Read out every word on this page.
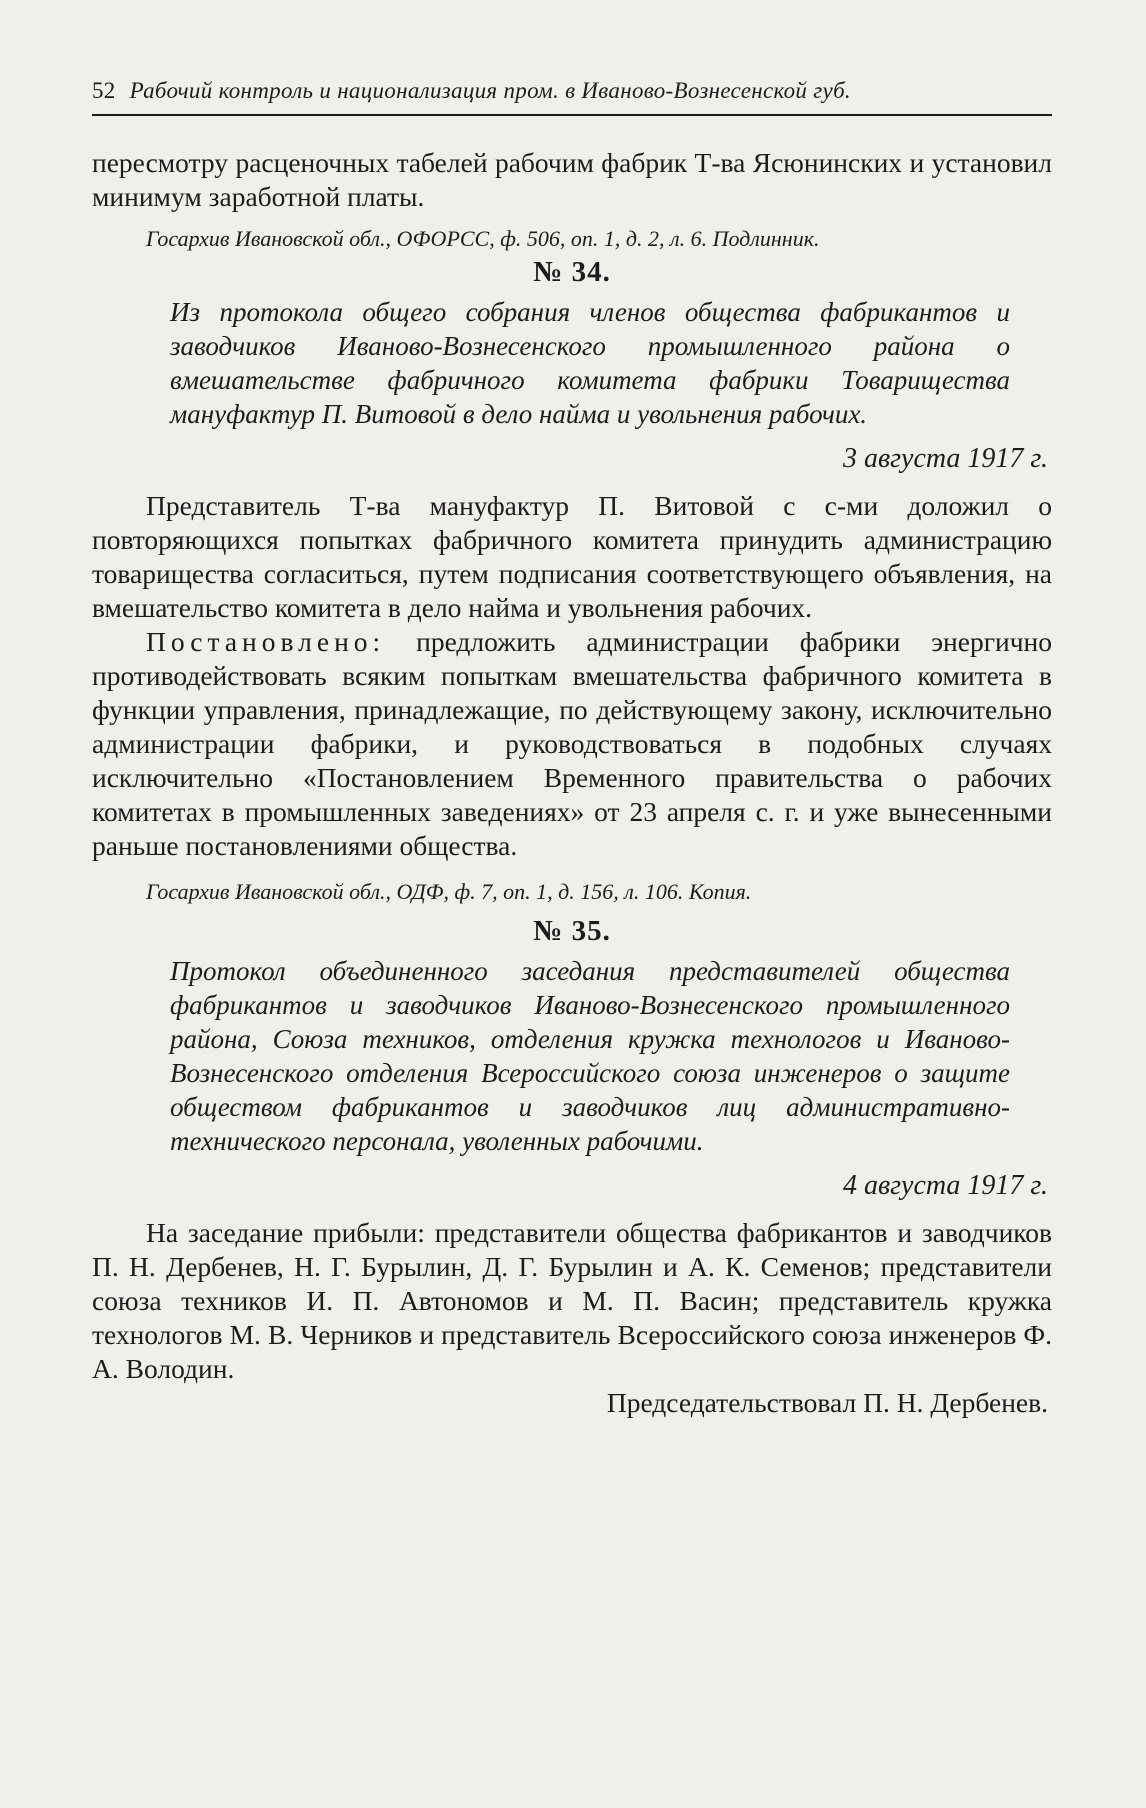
52 Рабочий контроль и национализация пром. в Иваново-Вознесенской губ.

пересмотру расценочных табелей рабочим фабрик Т-ва Ясюнинских и установил минимум заработной платы.

Госархив Ивановской обл., ОФОРСС, ф. 506, оп. 1, д. 2, л. 6. Подлинник.

№ 34.

Из протокола общего собрания членов общества фабрикантов и заводчиков Иваново-Вознесенского промышленного района о вмешательстве фабричного комитета фабрики Товарищества мануфактур П. Витовой в дело найма и увольнения рабочих.

3 августа 1917 г.

Представитель Т-ва мануфактур П. Витовой с с-ми доложил о повторяющихся попытках фабричного комитета принудить администрацию товарищества согласиться, путем подписания соответствующего объявления, на вмешательство комитета в дело найма и увольнения рабочих.

Постановлено: предложить администрации фабрики энергично противодействовать всяким попыткам вмешательства фабричного комитета в функции управления, принадлежащие, по действующему закону, исключительно администрации фабрики, и руководствоваться в подобных случаях исключительно «Постановлением Временного правительства о рабочих комитетах в промышленных заведениях» от 23 апреля с. г. и уже вынесенными раньше постановлениями общества.

Госархив Ивановской обл., ОДФ, ф. 7, оп. 1, д. 156, л. 106. Копия.

№ 35.

Протокол объединенного заседания представителей общества фабрикантов и заводчиков Иваново-Вознесенского промышленного района, Союза техников, отделения кружка технологов и Иваново-Вознесенского отделения Всероссийского союза инженеров о защите обществом фабрикантов и заводчиков лиц административно-технического персонала, уволенных рабочими.

4 августа 1917 г.

На заседание прибыли: представители общества фабрикантов и заводчиков П. Н. Дербенев, Н. Г. Бурылин, Д. Г. Бурылин и А. К. Семенов; представители союза техников И. П. Автономов и М. П. Васин; представитель кружка технологов М. В. Черников и представитель Всероссийского союза инженеров Ф. А. Володин.

Председательствовал П. Н. Дербенев.
